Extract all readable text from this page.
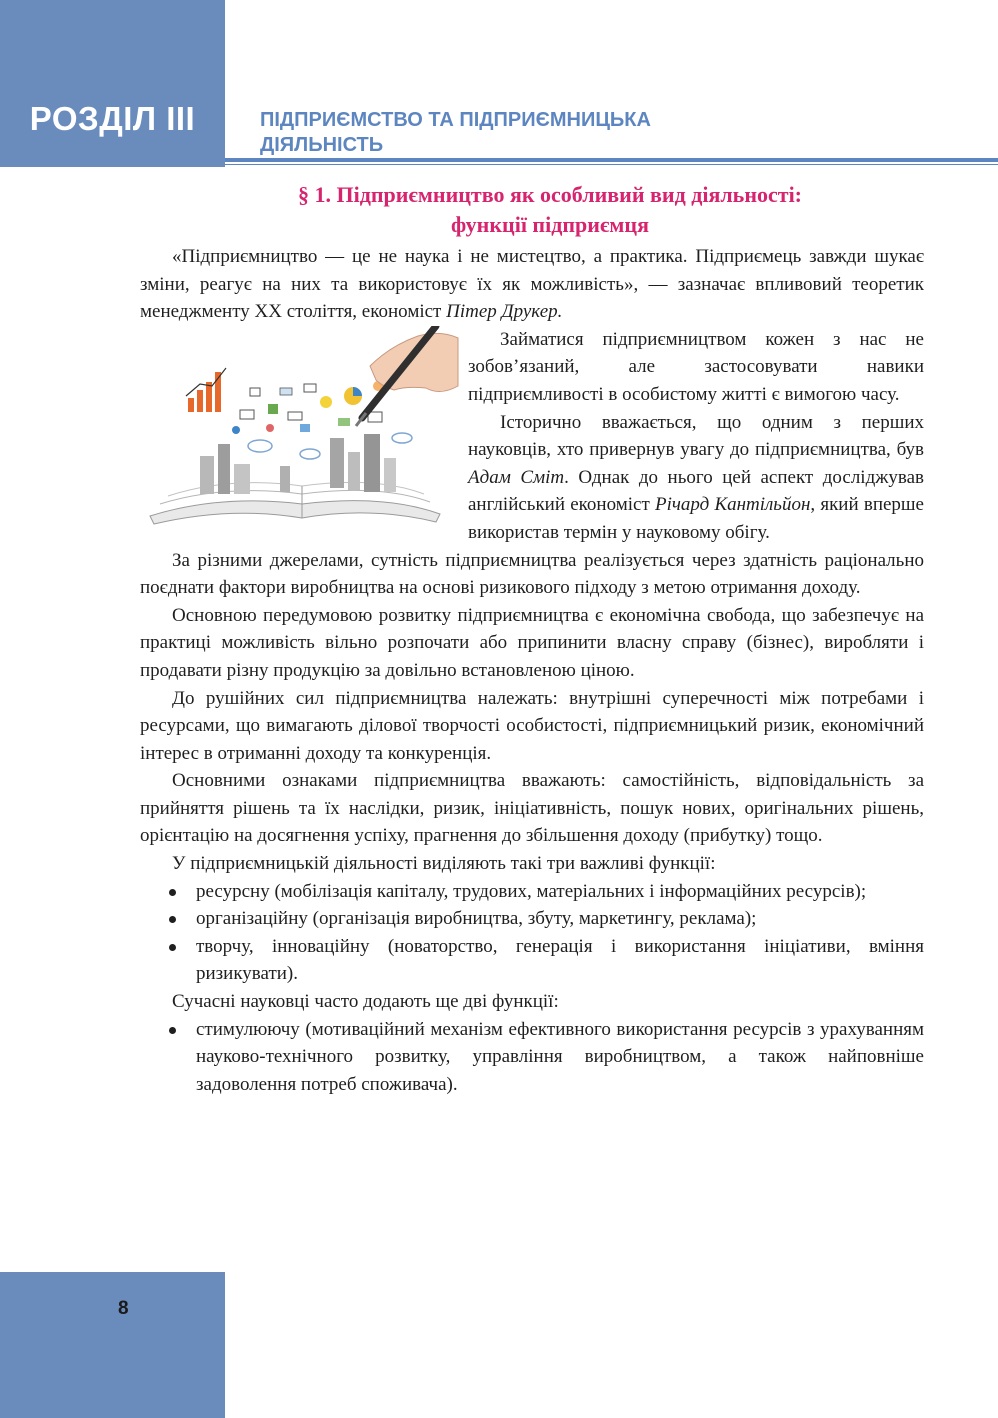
РОЗДІЛ ІІІ	ПІДПРИЄМСТВО ТА ПІДПРИЄМНИЦЬКА
ДІЯЛЬНІСТЬ
§ 1. Підприємництво як особливий вид діяльності:
функції підприємця

«Підприємництво — це не наука і не мистецтво, а практика. Підприємець завжди шукає зміни, реагує на них та використовує їх як можливість», — зазначає впливовий теоретик менеджменту ХХ століття, економіст Пітер Друкер.

Займатися підприємництвом кожен з нас не зобов’язаний, але застосовувати навики підприємливості в особистому житті є вимогою часу.

Історично вважається, що одним з перших науковців, хто привернув увагу до підприємництва, був Адам Сміт. Однак до нього цей аспект досліджував англійський економіст Річард Кантільйон, який вперше використав термін у науковому обігу.

За різними джерелами, сутність підприємництва реалізується через здатність раціонально поєднати фактори виробництва на основі ризикового підходу з метою отримання доходу.

Основною передумовою розвитку підприємництва є економічна свобода, що забезпечує на практиці можливість вільно розпочати або припинити власну справу (бізнес), виробляти і продавати різну продукцію за довільно встановленою ціною.

До рушійних сил підприємництва належать: внутрішні суперечності між потребами і ресурсами, що вимагають ділової творчості особистості, підприємницький ризик, економічний інтерес в отриманні доходу та конкуренція.

Основними ознаками підприємництва вважають: самостійність, відповідальність за прийняття рішень та їх наслідки, ризик, ініціативність, пошук нових, оригінальних рішень, орієнтацію на досягнення успіху, прагнення до збільшення доходу (прибутку) тощо.

У підприємницькій діяльності виділяють такі три важливі функції:

ресурсну (мобілізація капіталу, трудових, матеріальних і інформаційних ресурсів);
організаційну (організація виробництва, збуту, маркетингу, реклама);
творчу, інноваційну (новаторство, генерація і використання ініціативи, вміння ризикувати).

Сучасні науковці часто додають ще дві функції:

стимулюючу (мотиваційний механізм ефективного використання ресурсів з урахуванням науково-технічного розвитку, управління виробництвом, а також найповніше задоволення потреб споживача).
8
